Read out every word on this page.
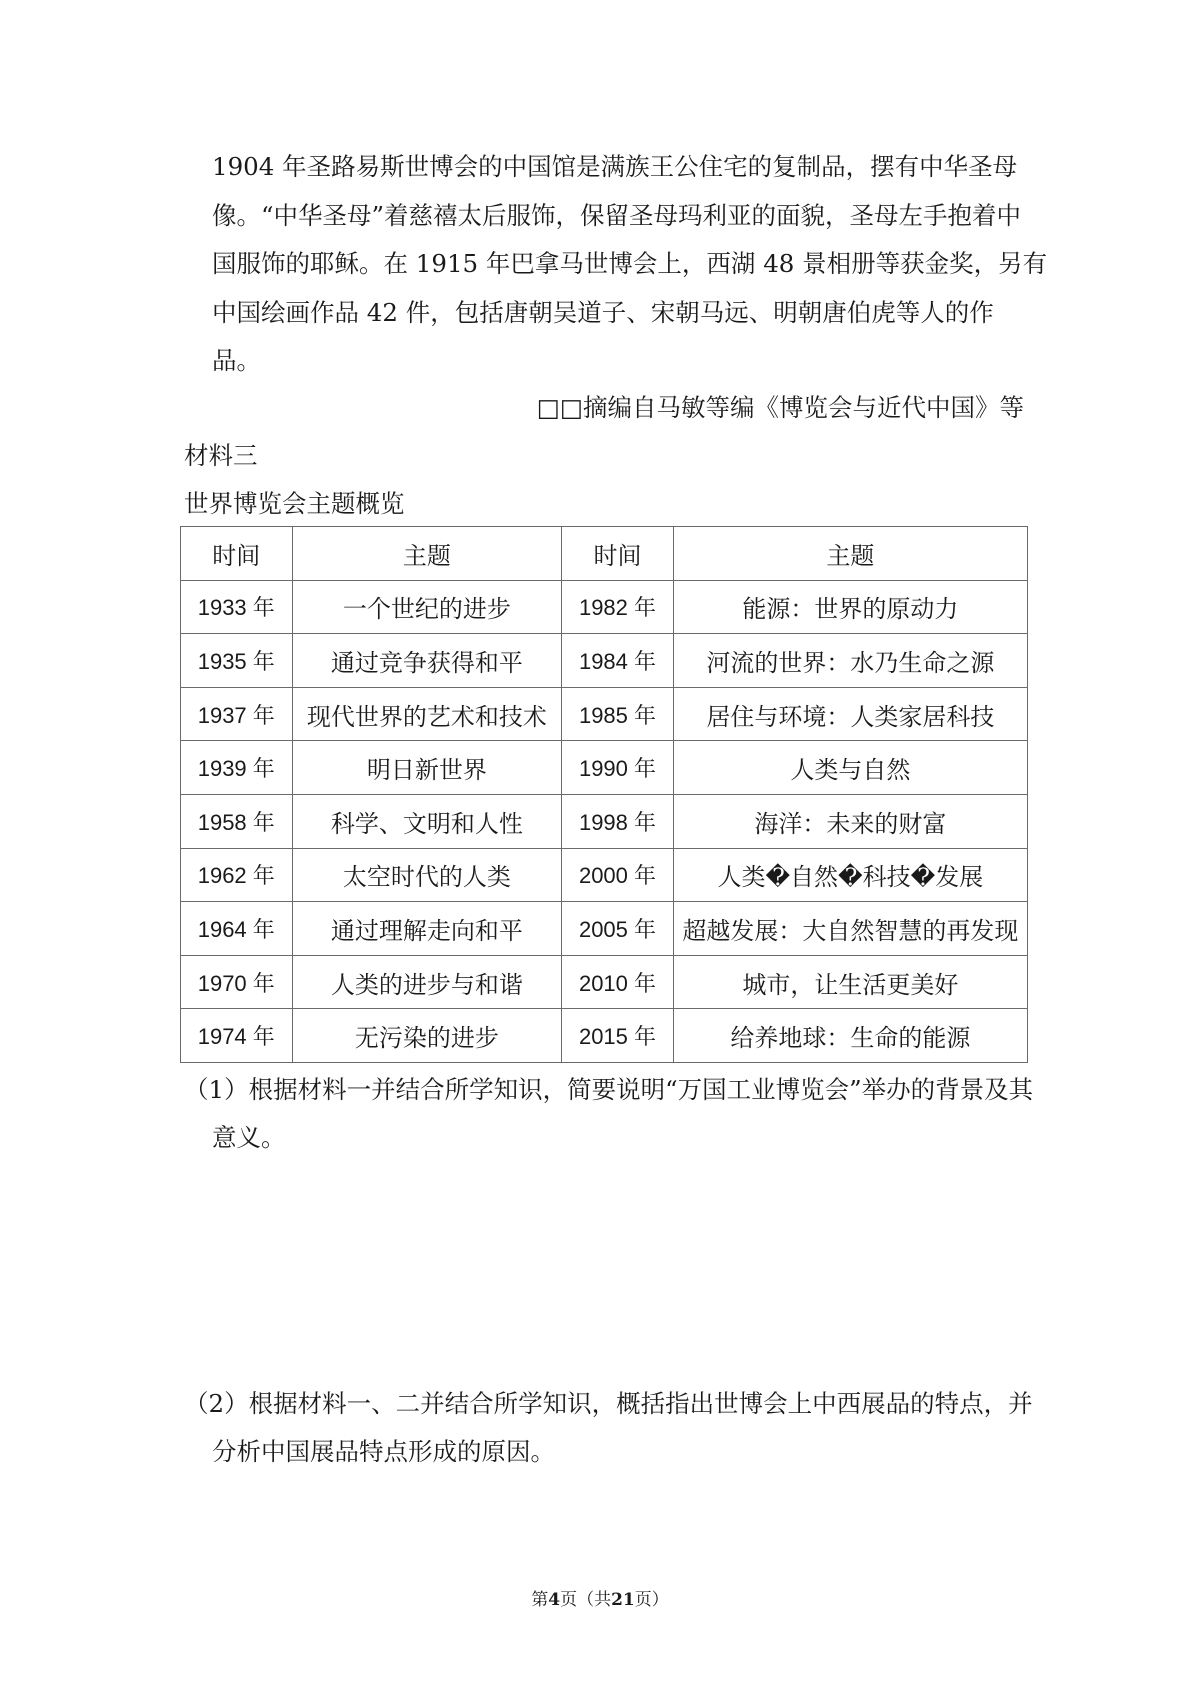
1904 年圣路易斯世博会的中国馆是满族王公住宅的复制品，摆有中华圣母
像。“中华圣母”着慈禧太后服饰，保留圣母玛利亚的面貌，圣母左手抱着中
国服饰的耶稣。在 1915 年巴拿马世博会上，西湖 48 景相册等获金奖，另有
中国绘画作品 42 件，包括唐朝吴道子、宋朝马远、明朝唐伯虎等人的作
品。
□□摘编自马敏等编《博览会与近代中国》等
材料三
世界博览会主题概览
时间	主题	时间	主题
1933 年	一个世纪的进步	1982 年	能源：世界的原动力
1935 年	通过竞争获得和平	1984 年	河流的世界：水乃生命之源
1937 年	现代世界的艺术和技术	1985 年	居住与环境：人类家居科技
1939 年	明日新世界	1990 年	人类与自然
1958 年	科学、文明和人性	1998 年	海洋：未来的财富
1962 年	太空时代的人类	2000 年	人类�自然�科技�发展
1964 年	通过理解走向和平	2005 年	超越发展：大自然智慧的再发现
1970 年	人类的进步与和谐	2010 年	城市，让生活更美好
1974 年	无污染的进步	2015 年	给养地球：生命的能源

（1）根据材料一并结合所学知识，简要说明“万国工业博览会”举办的背景及其
意义。

（2）根据材料一、二并结合所学知识，概括指出世博会上中西展品的特点，并
分析中国展品特点形成的原因。

第4页（共21页）
